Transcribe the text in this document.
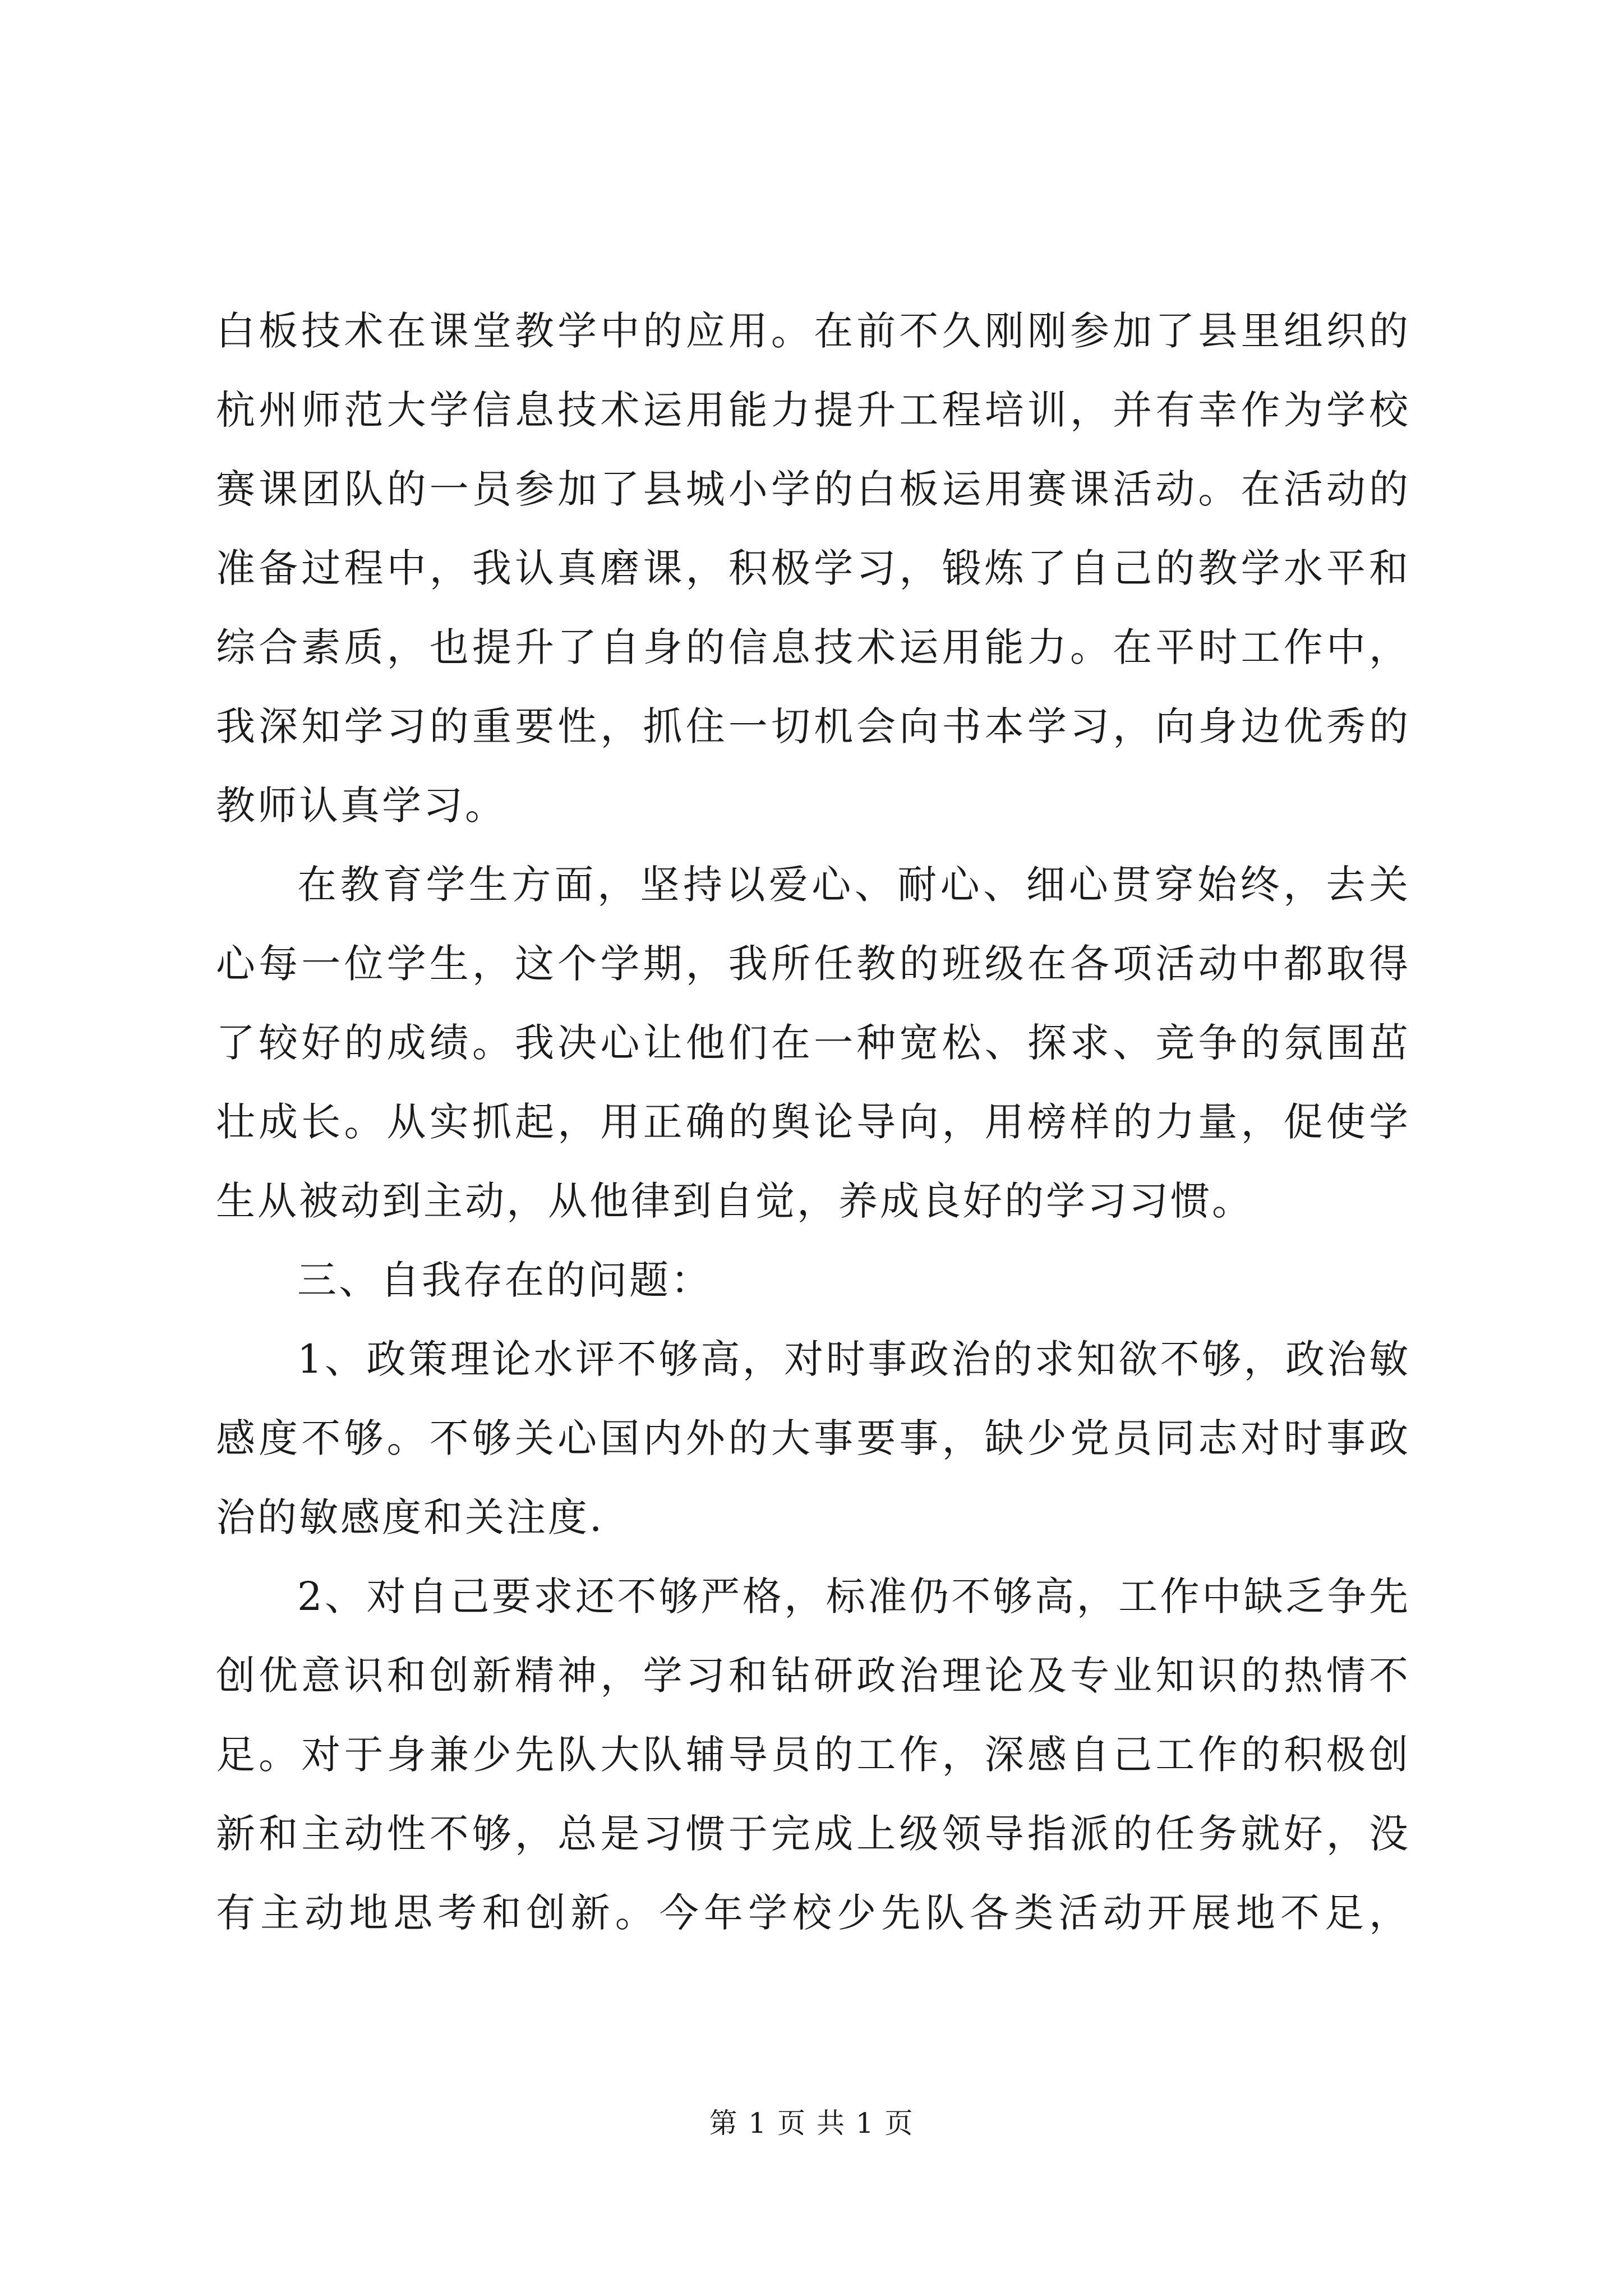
白板技术在课堂教学中的应用。在前不久刚刚参加了县里组织的杭州师范大学信息技术运用能力提升工程培训，并有幸作为学校赛课团队的一员参加了县城小学的白板运用赛课活动。在活动的准备过程中，我认真磨课，积极学习，锻炼了自己的教学水平和综合素质，也提升了自身的信息技术运用能力。在平时工作中，我深知学习的重要性，抓住一切机会向书本学习，向身边优秀的教师认真学习。

在教育学生方面，坚持以爱心、耐心、细心贯穿始终，去关心每一位学生，这个学期，我所任教的班级在各项活动中都取得了较好的成绩。我决心让他们在一种宽松、探求、竞争的氛围茁壮成长。从实抓起，用正确的舆论导向，用榜样的力量，促使学生从被动到主动，从他律到自觉，养成良好的学习习惯。

三、自我存在的问题：

1、政策理论水评不够高，对时事政治的求知欲不够，政治敏感度不够。不够关心国内外的大事要事，缺少党员同志对时事政治的敏感度和关注度.

2、对自己要求还不够严格，标准仍不够高，工作中缺乏争先创优意识和创新精神，学习和钻研政治理论及专业知识的热情不足。对于身兼少先队大队辅导员的工作，深感自己工作的积极创新和主动性不够，总是习惯于完成上级领导指派的任务就好，没有主动地思考和创新。今年学校少先队各类活动开展地不足，

第 1 页 共 1 页
